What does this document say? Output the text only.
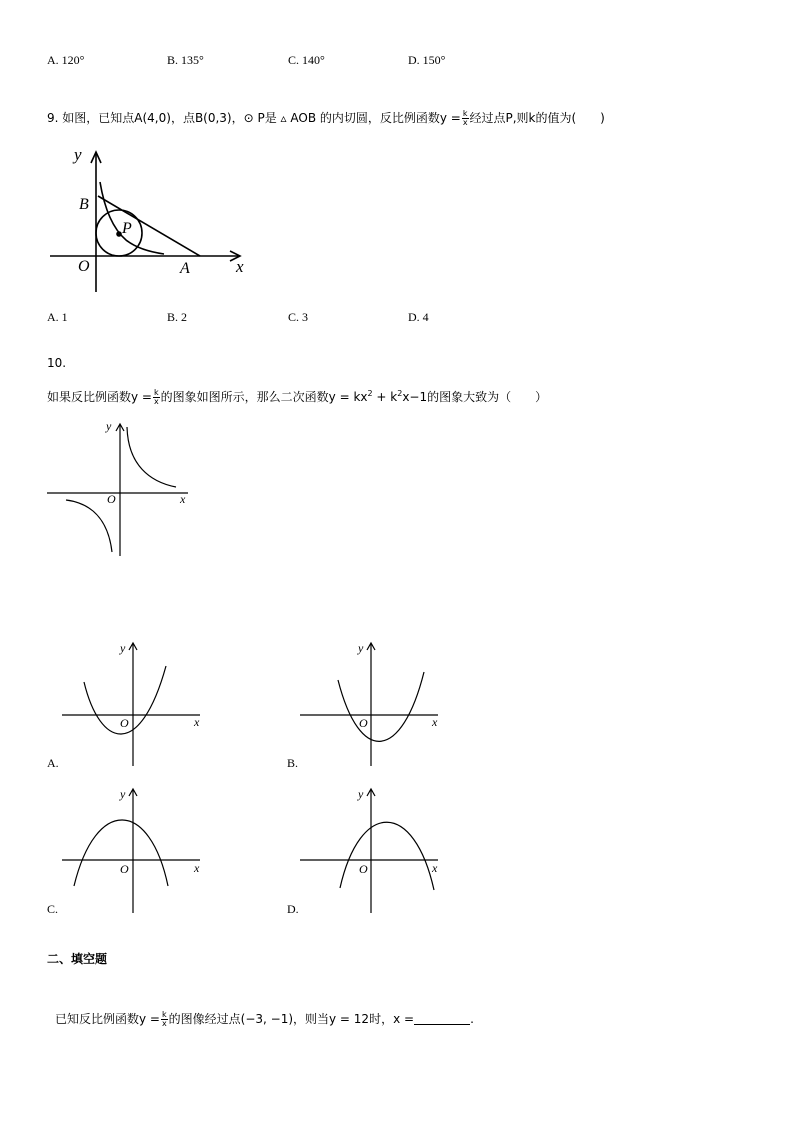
A. 120°	B. 135°	C. 140°	D. 150°
9. 如图，已知点A(4,0)，点B(0,3)，⊙ P是 ▵ AOB 的内切圆，反比例函数$y = \frac{k}{x}$ 经过点P,则k的值为(　　)
y
x
B
O	A
P
A. 1	B. 2	C. 3	D. 4
10.
如果反比例函数$y = \frac{k}{x}$ 的图象如图所示，那么二次函数$y = kx^2 + k^2x-1$的图象大致为（　　）
y
x
O
y
x
O
y
x
O
y
x
O
y
x
O
A.	B.
C.	D.
二、填空题
已知反比例函数$y = \frac{k}{x}$ 的图像经过点(−3, −1)，则当y = 12时，x =	.
